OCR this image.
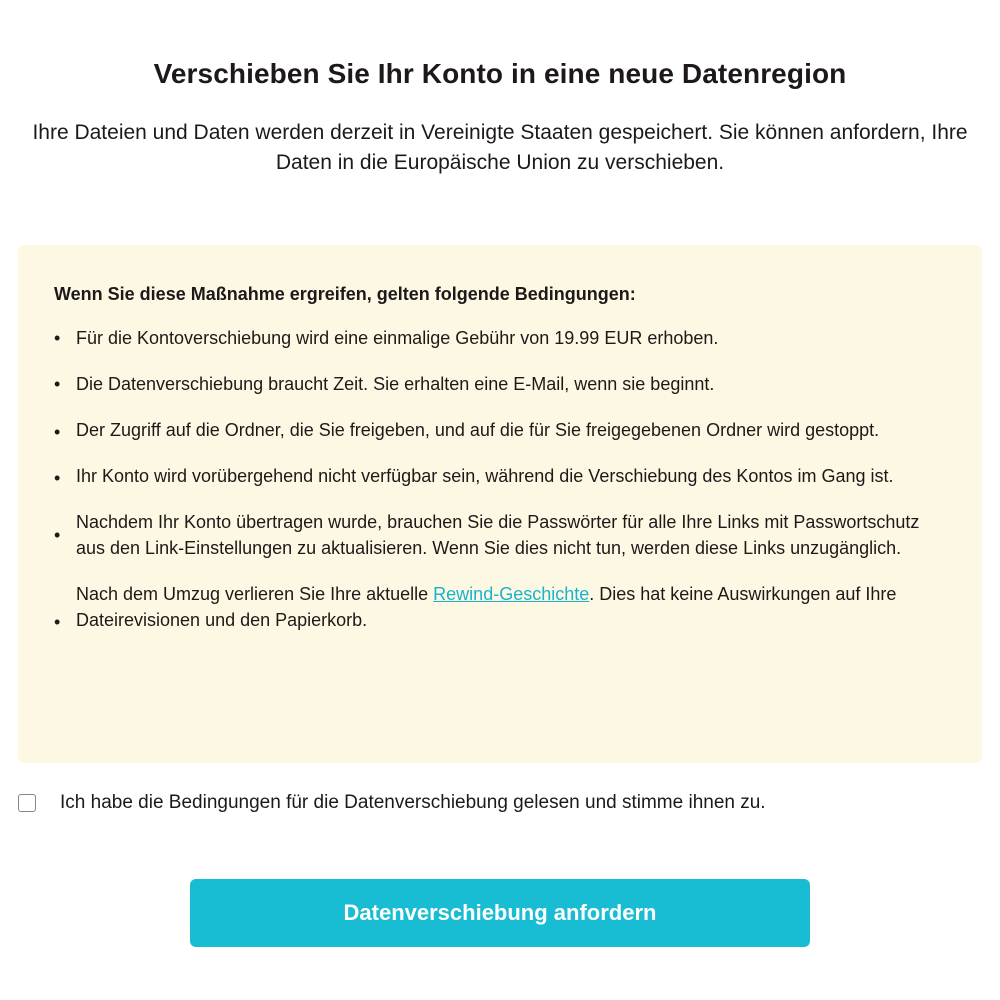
Verschieben Sie Ihr Konto in eine neue Datenregion

Ihre Dateien und Daten werden derzeit in Vereinigte Staaten gespeichert. Sie können anfordern, Ihre Daten in die Europäische Union zu verschieben.

Wenn Sie diese Maßnahme ergreifen, gelten folgende Bedingungen:

• Für die Kontoverschiebung wird eine einmalige Gebühr von 19.99 EUR erhoben.
• Die Datenverschiebung braucht Zeit. Sie erhalten eine E-Mail, wenn sie beginnt.
• Der Zugriff auf die Ordner, die Sie freigeben, und auf die für Sie freigegebenen Ordner wird gestoppt.
• Ihr Konto wird vorübergehend nicht verfügbar sein, während die Verschiebung des Kontos im Gang ist.
•
Nachdem Ihr Konto übertragen wurde, brauchen Sie die Passwörter für alle Ihre Links mit Passwortschutz aus den Link-Einstellungen zu aktualisieren. Wenn Sie dies nicht tun, werden diese Links unzugänglich.
•
Nach dem Umzug verlieren Sie Ihre aktuelle Rewind-Geschichte. Dies hat keine Auswirkungen auf Ihre Dateirevisionen und den Papierkorb.
Ich habe die Bedingungen für die Datenverschiebung gelesen und stimme ihnen zu.
Datenverschiebung anfordern
